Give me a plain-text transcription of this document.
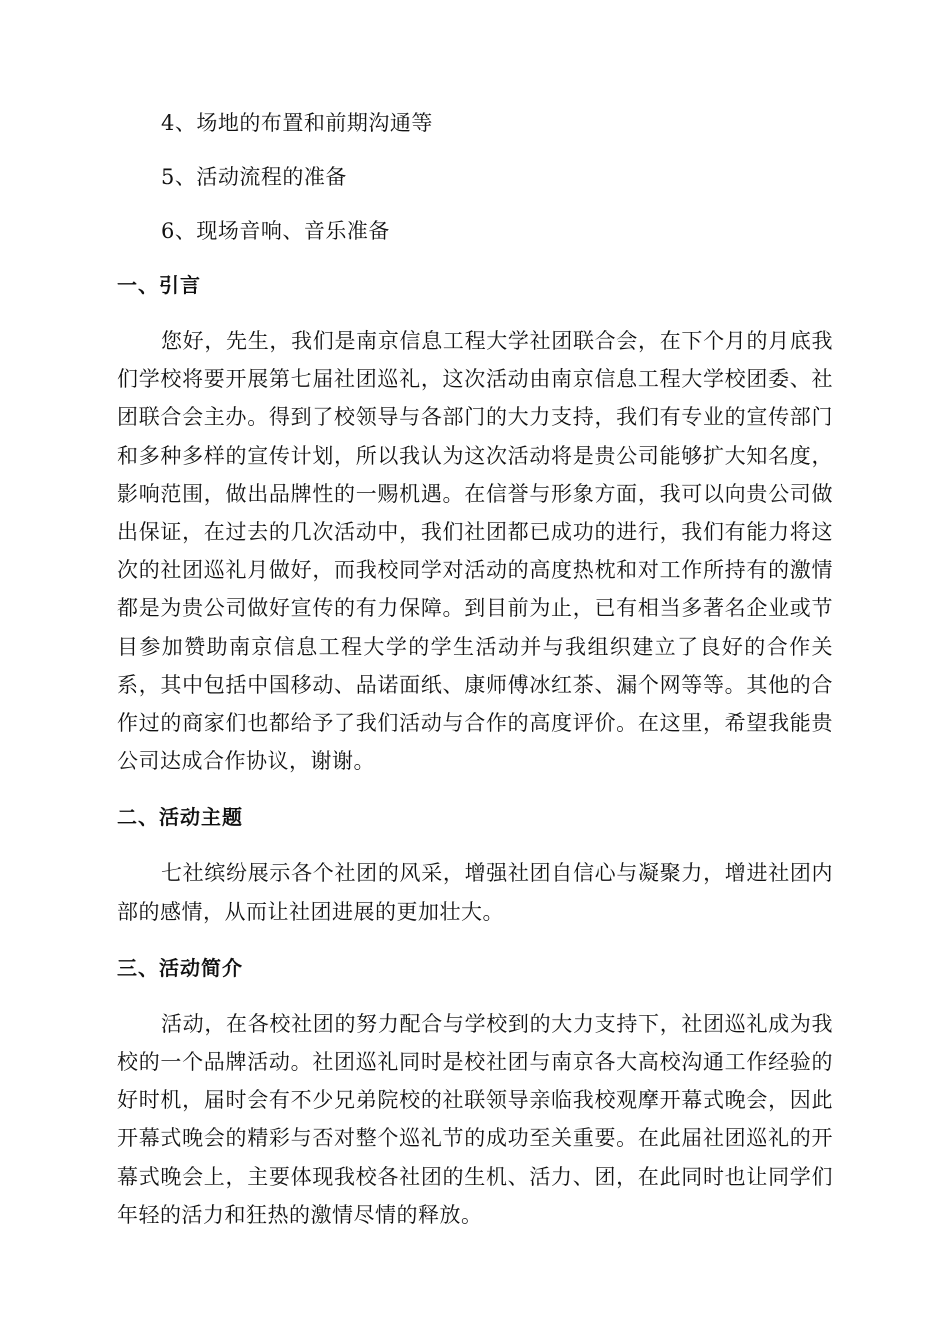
4、场地的布置和前期沟通等
5、活动流程的准备
6、现场音响、音乐准备
一、引言

您好，先生，我们是南京信息工程大学社团联合会，在下个月的月底我们学校将要开展第七届社团巡礼，这次活动由南京信息工程大学校团委、社团联合会主办。得到了校领导与各部门的大力支持，我们有专业的宣传部门和多种多样的宣传计划，所以我认为这次活动将是贵公司能够扩大知名度，影响范围，做出品牌性的一赐机遇。在信誉与形象方面，我可以向贵公司做出保证，在过去的几次活动中，我们社团都已成功的进行，我们有能力将这次的社团巡礼月做好，而我校同学对活动的高度热枕和对工作所持有的激情都是为贵公司做好宣传的有力保障。到目前为止，已有相当多著名企业或节目参加赞助南京信息工程大学的学生活动并与我组织建立了良好的合作关系，其中包括中国移动、品诺面纸、康师傅冰红茶、漏个网等等。其他的合作过的商家们也都给予了我们活动与合作的高度评价。在这里，希望我能贵公司达成合作协议，谢谢。

二、活动主题

七社缤纷展示各个社团的风采，增强社团自信心与凝聚力，增进社团内部的感情，从而让社团进展的更加壮大。

三、活动简介

活动，在各校社团的努力配合与学校到的大力支持下，社团巡礼成为我校的一个品牌活动。社团巡礼同时是校社团与南京各大高校沟通工作经验的好时机，届时会有不少兄弟院校的社联领导亲临我校观摩开幕式晚会，因此开幕式晚会的精彩与否对整个巡礼节的成功至关重要。在此届社团巡礼的开幕式晚会上，主要体现我校各社团的生机、活力、团，在此同时也让同学们年轻的活力和狂热的激情尽情的释放。
